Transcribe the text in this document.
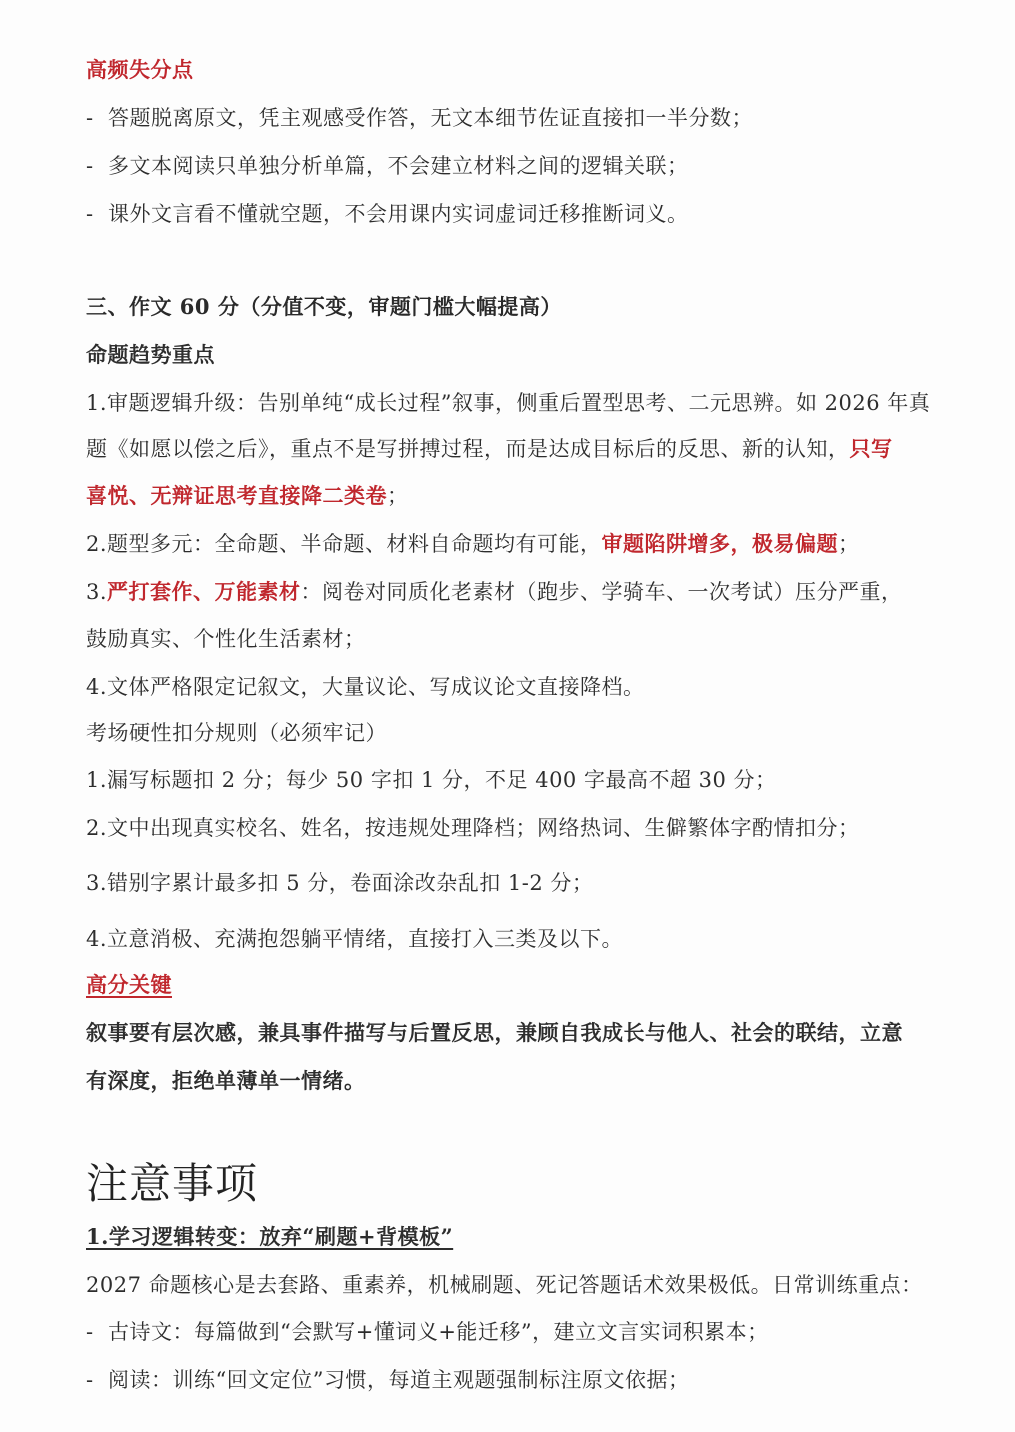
高频失分点
- 答题脱离原文，凭主观感受作答，无文本细节佐证直接扣一半分数；
- 多文本阅读只单独分析单篇，不会建立材料之间的逻辑关联；
- 课外文言看不懂就空题，不会用课内实词虚词迁移推断词义。
三、作文 60 分（分值不变，审题门槛大幅提高）
命题趋势重点
1.审题逻辑升级：告别单纯“成长过程”叙事，侧重后置型思考、二元思辨。如 2026 年真
题《如愿以偿之后》，重点不是写拼搏过程，而是达成目标后的反思、新的认知，只写
喜悦、无辩证思考直接降二类卷；
2.题型多元：全命题、半命题、材料自命题均有可能，审题陷阱增多，极易偏题；
3.严打套作、万能素材：阅卷对同质化老素材（跑步、学骑车、一次考试）压分严重，
鼓励真实、个性化生活素材；
4.文体严格限定记叙文，大量议论、写成议论文直接降档。
考场硬性扣分规则（必须牢记）
1.漏写标题扣 2 分；每少 50 字扣 1 分，不足 400 字最高不超 30 分；
2.文中出现真实校名、姓名，按违规处理降档；网络热词、生僻繁体字酌情扣分；
3.错别字累计最多扣 5 分，卷面涂改杂乱扣 1-2 分；
4.立意消极、充满抱怨躺平情绪，直接打入三类及以下。
高分关键
叙事要有层次感，兼具事件描写与后置反思，兼顾自我成长与他人、社会的联结，立意
有深度，拒绝单薄单一情绪。
注意事项
1.学习逻辑转变：放弃“刷题+背模板”
2027 命题核心是去套路、重素养，机械刷题、死记答题话术效果极低。日常训练重点：
- 古诗文：每篇做到“会默写+懂词义+能迁移”，建立文言实词积累本；
- 阅读：训练“回文定位”习惯，每道主观题强制标注原文依据；
